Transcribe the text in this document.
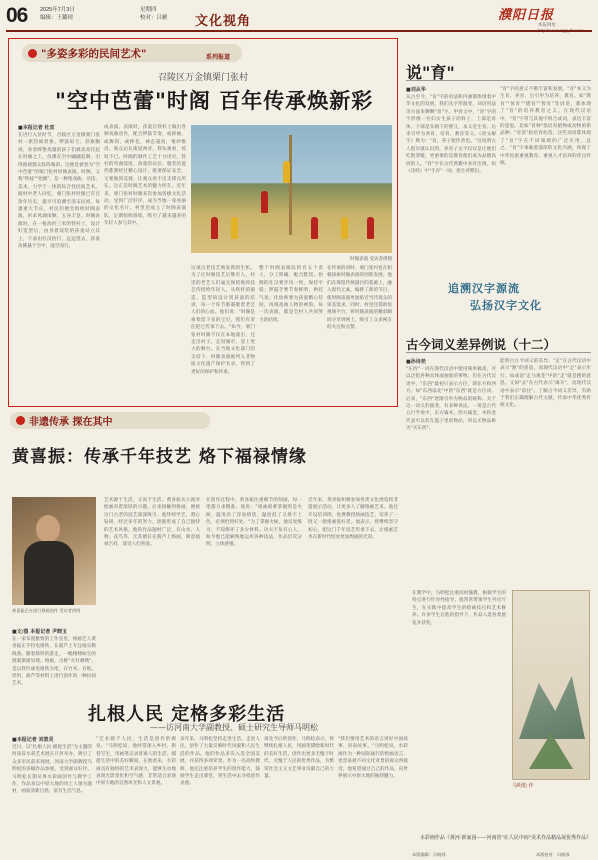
06 2025年7月3日
编辑：王璐琼
星期四
校对：吕雅 文化视角	濮阳日报
本报网址：
"多姿多彩的民间艺术"	系列报道
召陵区万金镇栗门张村
"空中芭蕾"时阁 百年传承焕新彩
■本报记者 杜宣
在进行入伏时节，召陵区万金镇栗门张村一派热闹景象。锣鼓喧天、彩旗飘扬，身着鲜艳戏服的孩子们被高高托起在时阁之上，仿佛在空中翩翩起舞，引得围观群众阵阵喝彩。这便是被誉为"空中芭蕾"的栗门张村时阁表演。时阁，又称"铁枝""抬阁"，是一种集戏曲、杂技、美术、力学于一体的综合性民间艺术。据村中老人回忆，栗门张村时阁已有百余年历史，最早可追溯至清末民初，每逢重大节庆，村民们便会组织时阁表演，祈求风调雨顺、五谷丰登。时阁表演时，在一根高约三米的铁杆上，设计好造型后，由身着戏装的孩童站立其上，下面由壮汉抬行，远远望去，孩童仿佛悬于空中，凌空而行。
成表演。表演时，孩童在铁杆上做出各种戏曲动作，配合锣鼓节奏，或挥袖、或舞剑、或捧花，神态逼真，惟妙惟肖。观众站在街道两旁，仰头观看，惊叹不已。时阁的制作工艺十分讲究，铁杆的弯曲弧度、孩童的站位、服装的遮挡都要经过精心设计，既要保证安全，又要做到美观，让观众看不出支撑点所在。这正是时阁艺术的魅力所在。近年来，栗门张村时阁多次参加各级文化活动，受到广泛好评，成为当地一张亮丽的文化名片。村里还成立了时阁表演队，定期组织排练，吸引了越来越多的年轻人参与其中。
时阁表演 受访者供图
这项古老技艺焕发新的生机。为了让时阁技艺后继有人，村里的老艺人们毫无保留地将技艺传授给年轻人。从铁杆的锻造、造型的设计到孩童的培训，每一个环节都凝聚着老艺人们的心血。他们说："时阁是祖辈留下来的宝贝，我们有责任把它传承下去。"如今，栗门张村时阁不仅在本地演出，还走出村子，走进城市，登上更大的舞台。在当地文化部门的支持下，时阁表演被列入非物质文化遗产保护名录，得到了更好的保护和传承。
整个时阁表演队约有五十余人，分工明确，配合默契。抬阁的壮汉要步伐一致，保持平稳；锣鼓手要节奏鲜明，烘托气氛；化妆师要为孩童精心装扮，再现戏曲人物的神韵。每一次表演，都是全村人共同努力的结果。
在传承的同时，栗门张村也在积极探索时阁表演的创新发展。他们在保留传统剧目的基础上，融入现代元素，编排了新的节目，使时阁表演更加贴近当代观众的审美需求。同时，村里还借助短视频平台，将时阁表演的精彩瞬间分享到网上，吸引了众多网友的关注和点赞。
说"育"
■刘从华
从古至今，"育"字的用法和内涵都体现着中华文化的发展。我们从字形演变、词语用法等方面来聊聊"育"字。甲骨文中，"育"字的字形像一位妇女生孩子的样子，上部是母体，下部是头朝下的婴儿，本义是生育。后来引申为养育、培育、教育等义。《说文解字》释为："育，养子使作善也。"这说明古人很早就认识到，养育子女不仅仅是让他们吃饱穿暖，更重要的是教育他们成为品德高尚的人。"育"字在古代典籍中多有出现，如《诗经》中"生育"一词，指生养繁衍。
"育"字的意义不断丰富和发展。"育"本义为生育、养育，后引申为培养、教育。如"教育""体育""德育""智育"等词语，都体现了"育"的培养教育之义。在现代汉语中，"育"字常与其他字组合成词，表达丰富的意思。比如"育种"指培育植物或动物的新品种；"育苗"指培育幼苗。这些词语都体现了"育"字在不同领域的广泛应用。总之，"育"字承载着深厚的文化内涵，体现了中华民族重视教育、重视人才培养的优良传统。
追溯汉字源流
弘扬汉字文化
古今词义差异例说（十二）
■孙诗尧
"东西"一词在现代汉语中使用频率极高，可以泛指各种具体或抽象的事物。但在古代汉语中，"东西"最初只表示方位，即东方和西方。如"东西南北"中的"东西"就是方位词。后来，"东西"逐渐引申为物品的统称。关于这一词义的演变，有多种说法。一说是古代五行学说中，东方属木，西方属金，木和金代表可以装在篮子里的物品，所以买物品称为"买东西"。
能明白古今词义的差异。"走"在古代汉语中表示"跑"的意思，而现代汉语中"走"表示步行。如成语"走马观花"中的"走"就是跑的意思。又如"去"在古代表示"离开"，而现代汉语中表示"前往"。了解古今词义差异，有助于我们正确理解古代文献，传承中华优秀传统文化。
非遗传承 探在其中
黄喜振：传承千年技艺 烙下福禄情缘
黄喜振正在进行烙画创作 受访者供图
■文/图 本报记者 尹晓玉
在一家布置雅致的工作室里，烙画艺人黄喜振正手持电烙铁，在葫芦上专注地勾勒线条。随着烙铁的游走，一幅栩栩如生的图案渐渐显现。烙画，古称"火针刺绣"，是以铁针或电烙铁为笔，在竹木、宣纸、丝绢、葫芦等材料上进行创作的一种民间艺术。
艺术源于生活，又高于生活。黄喜振从小就对绘画有着浓厚的兴趣，后来接触到烙画，便被这门古老的技艺深深吸引。他拜师学艺，潜心钻研，经过多年的努力，逐渐形成了自己独特的艺术风格。他的作品题材广泛，有山水、人物、花鸟等，尤其擅长在葫芦上烙画，寓意福禄吉祥，深受人们喜爱。
在创作过程中，黄喜振注重细节的刻画，每一笔都力求精准。他说："烙画最难掌握的是火候，温度高了容易烙焦，温度低了又烙不上色，必须恰到好处。"为了掌握火候，他反复练习，不知烙坏了多少材料。功夫不负有心人，如今他已能娴熟地运用各种技法，作品层次分明、立体感强。
近年来，黄喜振积极参加各类文化展览和非遗展示活动，让更多人了解烙画艺术。他还开设培训班，免费教授烙画技艺，培养了一批又一批烙画爱好者。他表示，将继续坚守初心，把这门千年技艺传承下去，让烙画艺术在新时代绽放更加绚丽的光彩。
扎根人民 定格多彩生活
——访河南大学副教授、硕士研究生导师马明松
■本报记者 刘景灵
近日，以"扎根人民·捕捉生活"为主题的河南省水彩艺术展在开封举办，吸引了众多市民前来观展。河南大学副教授马明松的多幅作品参展，受到观众好评。马明松长期从事水彩画创作与教学工作，作品多以中原大地的风土人情为题材，画面清新自然，富有生活气息。
"艺术源于人民，生活是创作的源泉。"马明松说，他经常深入乡村、街巷写生，用画笔记录普通人的生活，捕捉生活中的美好瞬间。在他看来，水彩画具有独特的艺术表现力，能够生动地表现光影变化和空气感，非常适合表现中原大地的自然风光和人文景观。
多年来，马明松坚持走进生活、走进人民，创作了大量反映时代风貌和人民生活的作品。他的作品多次入选全国美展，并获得多项荣誉。作为一名高校教师，他还注重培养学生的创作能力，鼓励学生走出课堂，到生活中去寻找创作灵感。
谈及今后的创作，马明松表示，将继续扎根人民，用画笔描绘新时代的美好生活，创作出更多无愧于时代、无愧于人民的优秀作品，为繁荣社会主义文艺事业贡献自己的力量。
"我们要用艺术的语言讲好中国故事、河南故事。"马明松说，水彩画作为一种国际通行的绘画语言，更容易被不同文化背景的观众所接受。他希望通过自己的作品，向世界展示中原大地的独特魅力。
在教学中，马明松注重因材施教，根据学生的特点进行针对性指导。他常常带领学生外出写生，在实践中提高学生的绘画技巧和艺术修养。许多学生在他的指导下，作品入选各类展览并获奖。
马明松 作
水彩画作品《黄河·新家园——河南省"在人民中间"美术作品精品展优秀作品》
本版编辑：冯晓琼	本版校对：冯晓琼
